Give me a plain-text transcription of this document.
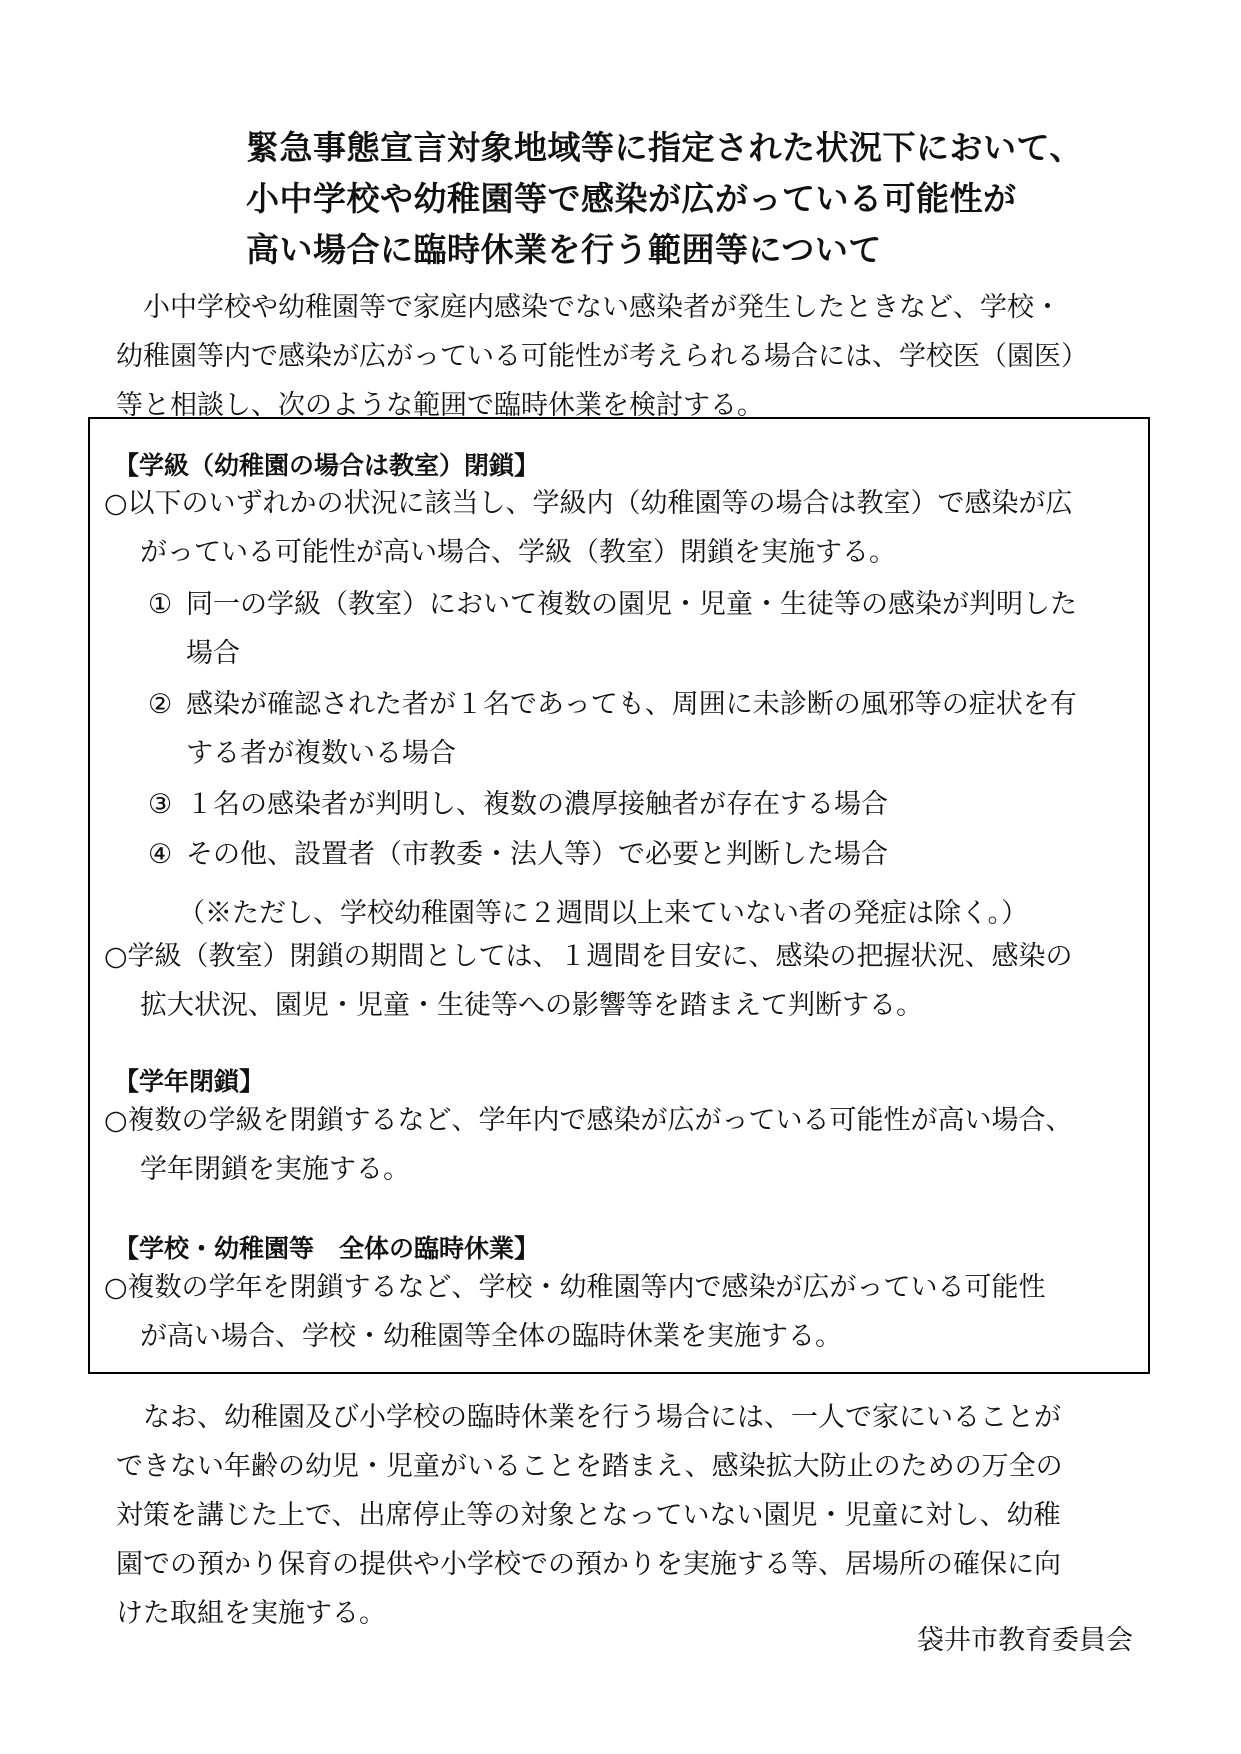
緊急事態宣言対象地域等に指定された状況下において、
小中学校や幼稚園等で感染が広がっている可能性が
高い場合に臨時休業を行う範囲等について
　小中学校や幼稚園等で家庭内感染でない感染者が発生したときなど、学校・
幼稚園等内で感染が広がっている可能性が考えられる場合には、学校医（園医）
等と相談し、次のような範囲で臨時休業を検討する。
【学級（幼稚園の場合は教室）閉鎖】
○以下のいずれかの状況に該当し、学級内（幼稚園等の場合は教室）で感染が広
がっている可能性が高い場合、学級（教室）閉鎖を実施する。
① 同一の学級（教室）において複数の園児・児童・生徒等の感染が判明した
場合
② 感染が確認された者が１名であっても、周囲に未診断の風邪等の症状を有
する者が複数いる場合
③ １名の感染者が判明し、複数の濃厚接触者が存在する場合
④ その他、設置者（市教委・法人等）で必要と判断した場合
（※ただし、学校幼稚園等に２週間以上来ていない者の発症は除く。）
○学級（教室）閉鎖の期間としては、１週間を目安に、感染の把握状況、感染の
拡大状況、園児・児童・生徒等への影響等を踏まえて判断する。
【学年閉鎖】
○複数の学級を閉鎖するなど、学年内で感染が広がっている可能性が高い場合、
学年閉鎖を実施する。
【学校・幼稚園等　全体の臨時休業】
○複数の学年を閉鎖するなど、学校・幼稚園等内で感染が広がっている可能性
が高い場合、学校・幼稚園等全体の臨時休業を実施する。
　なお、幼稚園及び小学校の臨時休業を行う場合には、一人で家にいることが
できない年齢の幼児・児童がいることを踏まえ、感染拡大防止のための万全の
対策を講じた上で、出席停止等の対象となっていない園児・児童に対し、幼稚
園での預かり保育の提供や小学校での預かりを実施する等、居場所の確保に向
けた取組を実施する。
袋井市教育委員会
